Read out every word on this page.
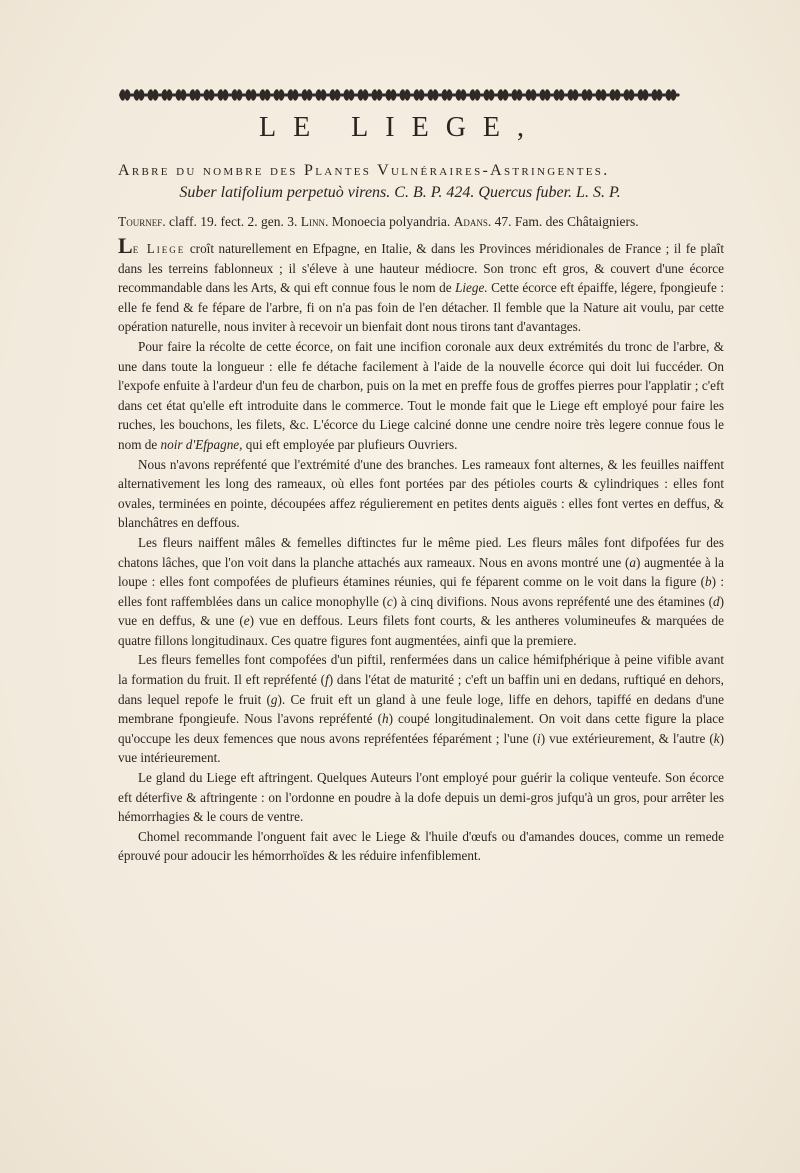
LE LIEGE,
Arbre du nombre des Plantes Vulnéraires-Astringentes.
Suber latifolium perpetuò virens. C. B. P. 424. Quercus fuber. L. S. P.
Tournef. claff. 19. fect. 2. gen. 3. Linn. Monoecia polyandria. Adans. 47. Fam. des Châtaigniers.

Le Liege croît naturellement en Efpagne, en Italie, & dans les Provinces méridionales de France ; il fe plaît dans les terreins fablonneux ; il s'éleve à une hauteur médiocre. Son tronc eft gros, & couvert d'une écorce recommandable dans les Arts, & qui eft connue fous le nom de Liege. Cette écorce eft épaiffe, légere, fpongieufe : elle fe fend & fe fépare de l'arbre, fi on n'a pas foin de l'en détacher. Il femble que la Nature ait voulu, par cette opération naturelle, nous inviter à recevoir un bienfait dont nous tirons tant d'avantages.

Pour faire la récolte de cette écorce, on fait une incifion coronale aux deux extrémités du tronc de l'arbre, & une dans toute la longueur : elle fe détache facilement à l'aide de la nouvelle écorce qui doit lui fuccéder. On l'expofe enfuite à l'ardeur d'un feu de charbon, puis on la met en preffe fous de groffes pierres pour l'applatir ; c'eft dans cet état qu'elle eft introduite dans le commerce. Tout le monde fait que le Liege eft employé pour faire les ruches, les bouchons, les filets, &c. L'écorce du Liege calciné donne une cendre noire très legere connue fous le nom de noir d'Efpagne, qui eft employée par plufieurs Ouvriers.

Nous n'avons repréfenté que l'extrémité d'une des branches. Les rameaux font alternes, & les feuilles naiffent alternativement les long des rameaux, où elles font portées par des pétioles courts & cylindriques : elles font ovales, terminées en pointe, découpées affez régulierement en petites dents aiguës : elles font vertes en deffus, & blanchâtres en deffous.

Les fleurs naiffent mâles & femelles diftinctes fur le même pied. Les fleurs mâles font difpofées fur des chatons lâches, que l'on voit dans la planche attachés aux rameaux. Nous en avons montré une (a) augmentée à la loupe : elles font compofées de plufieurs étamines réunies, qui fe féparent comme on le voit dans la figure (b) : elles font raffemblées dans un calice monophylle (c) à cinq divifions. Nous avons repréfenté une des étamines (d) vue en deffus, & une (e) vue en deffous. Leurs filets font courts, & les antheres volumineufes & marquées de quatre fillons longitudinaux. Ces quatre figures font augmentées, ainfi que la premiere.

Les fleurs femelles font compofées d'un piftil, renfermées dans un calice hémifphérique à peine vifible avant la formation du fruit. Il eft repréfenté (f) dans l'état de maturité ; c'eft un baffin uni en dedans, ruftiqué en dehors, dans lequel repofe le fruit (g). Ce fruit eft un gland à une feule loge, liffe en dehors, tapiffé en dedans d'une membrane fpongieufe. Nous l'avons repréfenté (h) coupé longitudinalement. On voit dans cette figure la place qu'occupe les deux femences que nous avons repréfentées féparément ; l'une (i) vue extérieurement, & l'autre (k) vue intérieurement.

Le gland du Liege eft aftringent. Quelques Auteurs l'ont employé pour guérir la colique venteufe. Son écorce eft déterfive & aftringente : on l'ordonne en poudre à la dofe depuis un demi-gros jufqu'à un gros, pour arrêter les hémorrhagies & le cours de ventre.

Chomel recommande l'onguent fait avec le Liege & l'huile d'œufs ou d'amandes douces, comme un remede éprouvé pour adoucir les hémorrhoïdes & les réduire infenfiblement.
